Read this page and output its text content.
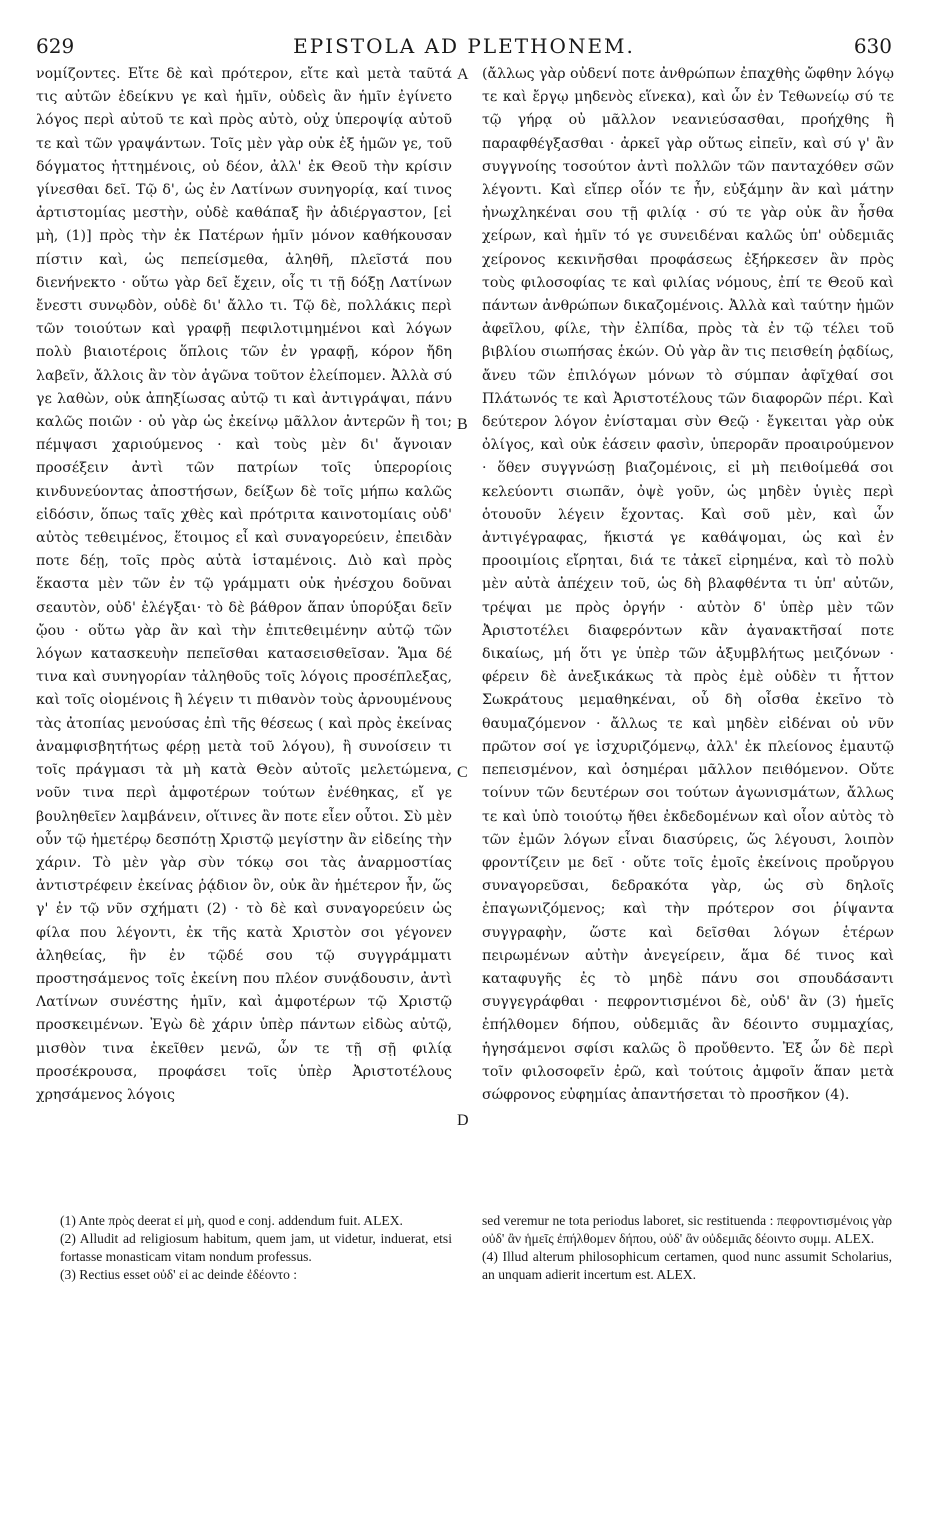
629	EPISTOLA AD PLETHONEM.	630

νομίζοντες. Εἴτε δὲ καὶ πρότερον, εἴτε καὶ μετὰ ταῦτά τις αὐτῶν ἐδείκνυ γε καὶ ἡμῖν, οὐδεὶς ἂν ἡμῖν ἐγίνετο λόγος περὶ αὐτοῦ τε καὶ πρὸς αὐτὸ, οὐχ ὑπεροψίᾳ αὐτοῦ τε καὶ τῶν γραψάντων. Τοῖς μὲν γὰρ οὐκ ἐξ ἡμῶν γε, τοῦ δόγματος ἡττημένοις, οὐ δέον, ἀλλ' ἐκ Θεοῦ τὴν κρίσιν γίνεσθαι δεῖ. Τῷ δ', ὡς ἐν Λατίνων συνηγορίᾳ, καί τινος ἀρτιστομίας μεστὴν, οὐδὲ καθάπαξ ἣν ἀδιέργαστον, [εἰ μὴ, (1)] πρὸς τὴν ἐκ Πατέρων ἡμῖν μόνον καθήκουσαν πίστιν καὶ, ὡς πεπείσμεθα, ἀληθῆ, πλεῖστά που διενήνεκτο · οὕτω γὰρ δεῖ ἔχειν, οἷς τι τῇ δόξῃ Λατίνων ἔνεστι συνῳδὸν, οὐδὲ δι' ἄλλο τι. Τῷ δὲ, πολλάκις περὶ τῶν τοιούτων καὶ γραφῇ πεφιλοτιμημένοι καὶ λόγων πολὺ βιαιοτέροις ὅπλοις τῶν ἐν γραφῇ, κόρον ἤδη λαβεῖν, ἄλλοις ἂν τὸν ἀγῶνα τοῦτον ἐλείπομεν. Ἀλλὰ σύ γε λαθὼν, οὐκ ἀπηξίωσας αὐτῷ τι καὶ ἀντιγράψαι, πάνυ καλῶς ποιῶν · οὐ γὰρ ὡς ἐκείνῳ μᾶλλον ἀντερῶν ἢ τοι; πέμψασι χαριούμενος · καὶ τοὺς μὲν δι' ἄγνοιαν προσέξειν ἀντὶ τῶν πατρίων τοῖς ὑπερορίοις κινδυνεύοντας ἀποστήσων, δείξων δὲ τοῖς μήπω καλῶς εἰδόσιν, ὅπως ταῖς χθὲς καὶ πρότριτα καινοτομίαις οὐδ' αὐτὸς τεθειμένος, ἕτοιμος εἶ καὶ συναγορεύειν, ἐπειδὰν ποτε δέῃ, τοῖς πρὸς αὐτὰ ἱσταμένοις. Διὸ καὶ πρὸς ἕκαστα μὲν τῶν ἐν τῷ γράμματι οὐκ ἠνέσχου δοῦναι σεαυτὸν, οὐδ' ἐλέγξαι· τὸ δὲ βάθρον ἅπαν ὑπορύξαι δεῖν ᾤου · οὕτω γὰρ ἂν καὶ τὴν ἐπιτεθειμένην αὐτῷ τῶν λόγων κατασκευὴν πεπεῖσθαι κατασεισθεῖσαν. Ἅμα δέ τινα καὶ συνηγορίαν τἀληθοῦς τοῖς λόγοις προσέπλεξας, καὶ τοῖς οἰομένοις ἢ λέγειν τι πιθανὸν τοὺς ἀρνουμένους τὰς ἀτοπίας μενούσας ἐπὶ τῆς θέσεως ( καὶ πρὸς ἐκείνας ἀναμφισβητήτως φέρῃ μετὰ τοῦ λόγου), ἢ συνοίσειν τι τοῖς πράγμασι τὰ μὴ κατὰ Θεὸν αὐτοῖς μελετώμενα, νοῦν τινα περὶ ἀμφοτέρων τούτων ἐνέθηκας, εἴ γε βουληθεῖεν λαμβάνειν, οἵτινες ἂν ποτε εἶεν οὗτοι. Σὺ μὲν οὖν τῷ ἡμετέρῳ δεσπότῃ Χριστῷ μεγίστην ἂν εἰδείης τὴν χάριν. Τὸ μὲν γὰρ σὺν τόκῳ σοι τὰς ἀναρμοστίας ἀντιστρέφειν ἐκείνας ῥᾴδιον ὂν, οὐκ ἂν ἡμέτερον ἦν, ὥς γ' ἐν τῷ νῦν σχήματι (2) · τὸ δὲ καὶ συναγορεύειν ὡς φίλα που λέγοντι, ἐκ τῆς κατὰ Χριστὸν σοι γέγονεν ἀληθείας, ἣν ἐν τῷδέ σου τῷ συγγράμματι προστησάμενος τοῖς ἐκείνη που πλέον συνᾴδουσιν, ἀντὶ Λατίνων συνέστης ἡμῖν, καὶ ἀμφοτέρων τῷ Χριστῷ προσκειμένων. Ἐγὼ δὲ χάριν ὑπὲρ πάντων εἰδὼς αὐτῷ, μισθὸν τινα ἐκεῖθεν μενῶ, ὧν τε τῇ σῇ φιλίᾳ προσέκρουσα, προφάσει τοῖς ὑπὲρ Ἀριστοτέλους χρησάμενος λόγοις

(ἄλλως γὰρ οὐδενί ποτε ἀνθρώπων ἐπαχθὴς ὤφθην λόγῳ τε καὶ ἔργῳ μηδενὸς εἵνεκα), καὶ ὧν ἐν Τεθωνείῳ σύ τε τῷ γήρᾳ οὐ μᾶλλον νεανιεύσασθαι, προήχθης ἢ παραφθέγξασθαι · ἀρκεῖ γὰρ οὕτως εἰπεῖν, καὶ σύ γ' ἂν συγγνοίης τοσούτον ἀντὶ πολλῶν τῶν πανταχόθεν σῶν λέγοντι. Καὶ εἴπερ οἷόν τε ἦν, εὐξάμην ἂν καὶ μάτην ἠνωχληκέναι σου τῇ φιλίᾳ · σύ τε γὰρ οὐκ ἂν ἦσθα χείρων, καὶ ἡμῖν τό γε συνειδέναι καλῶς ὑπ' οὐδεμιᾶς χείρονος κεκινῆσθαι προφάσεως ἐξήρκεσεν ἂν πρὸς τοὺς φιλοσοφίας τε καὶ φιλίας νόμους, ἐπί τε Θεοῦ καὶ πάντων ἀνθρώπων δικαζομένοις. Ἀλλὰ καὶ ταύτην ἡμῶν ἀφεῖλου, φίλε, τὴν ἐλπίδα, πρὸς τὰ ἐν τῷ τέλει τοῦ βιβλίου σιωπήσας ἑκών. Οὐ γὰρ ἂν τις πεισθείη ῥᾳδίως, ἄνευ τῶν ἐπιλόγων μόνων τὸ σύμπαν ἀφῖχθαί σοι Πλάτωνός τε καὶ Ἀριστοτέλους τῶν διαφορῶν πέρι. Καὶ δεύτερον λόγον ἐνίσταμαι σὺν Θεῷ · ἔγκειται γὰρ οὐκ ὀλίγος, καὶ οὐκ ἐάσειν φασὶν, ὑπερορᾶν προαιρούμενον · ὅθεν συγγνώσῃ βιαζομένοις, εἰ μὴ πειθοίμεθά σοι κελεύοντι σιωπᾶν, ὀψὲ γοῦν, ὡς μηδὲν ὑγιὲς περὶ ὁτουοῦν λέγειν ἔχοντας. Καὶ σοῦ μὲν, καὶ ὧν ἀντιγέγραφας, ἥκιστά γε καθάψομαι, ὡς καὶ ἐν προοιμίοις εἴρηται, διά τε τἀκεῖ εἰρημένα, καὶ τὸ πολὺ μὲν αὐτὰ ἀπέχειν τοῦ, ὡς δὴ βλαφθέντα τι ὑπ' αὐτῶν, τρέψαι με πρὸς ὀργήν · αὐτὸν δ' ὑπὲρ μὲν τῶν Ἀριστοτέλει διαφερόντων κἂν ἀγανακτῆσαί ποτε δικαίως, μή ὅτι γε ὑπὲρ τῶν ἀξυμβλήτως μειζόνων · φέρειν δὲ ἀνεξικάκως τὰ πρὸς ἐμὲ οὐδὲν τι ἧττον Σωκράτους μεμαθηκέναι, οὗ δὴ οἶσθα ἐκεῖνο τὸ θαυμαζόμενον · ἄλλως τε καὶ μηδὲν εἰδέναι οὐ νῦν πρῶτον σοί γε ἰσχυριζόμενῳ, ἀλλ' ἐκ πλείονος ἐμαυτῷ πεπεισμένον, καὶ ὁσημέραι μᾶλλον πειθόμενον. Οὔτε τοίνυν τῶν δευτέρων σοι τούτων ἀγωνισμάτων, ἄλλως τε καὶ ὑπὸ τοιούτῳ ἤθει ἐκδεδομένων καὶ οἷον αὐτὸς τὸ τῶν ἐμῶν λόγων εἶναι διασύρεις, ὥς λέγουσι, λοιπὸν φροντίζειν με δεῖ · οὔτε τοῖς ἐμοῖς ἐκείνοις προὔργου συναγορεῦσαι, δεδρακότα γὰρ, ὡς σὺ δηλοῖς ἐπαγωνιζόμενος; καὶ τὴν πρότερον σοι ῥίψαντα συγγραφὴν, ὥστε καὶ δεῖσθαι λόγων ἑτέρων πειρωμένων αὐτὴν ἀνεγείρειν, ἅμα δέ τινος καὶ καταφυγῆς ἐς τὸ μηδὲ πάνυ σοι σπουδάσαντι συγγεγράφθαι · πεφροντισμένοι δὲ, οὐδ' ἂν (3) ἡμεῖς ἐπήλθομεν δήπου, οὐδεμιᾶς ἂν δέοιντο συμμαχίας, ἡγησάμενοι σφίσι καλῶς ὃ προὔθεντο. Ἐξ ὧν δὲ περὶ τοῖν φιλοσοφεῖν ἐρῶ, καὶ τούτοις ἀμφοῖν ἅπαν μετὰ σώφρονος εὐφημίας ἀπαντήσεται τὸ προσῆκον (4).

A
B
C
D

(1) Ante πρὸς deerat εἰ μὴ, quod e conj. addendum fuit. ALEX.

(2) Alludit ad religiosum habitum, quem jam, ut videtur, induerat, etsi fortasse monasticam vitam nondum professus.

(3) Rectius esset οὐδ' εἰ ac deinde ἐδέοντο :

sed veremur ne tota periodus laboret, sic restituenda : πεφροντισμένοις γὰρ οὐδ' ἂν ἡμεῖς ἐπήλθομεν δήπου, οὐδ' ἂν οὐδεμιᾶς δέοιντο συμμ. ALEX.

(4) Illud alterum philosophicum certamen, quod nunc assumit Scholarius, an unquam adierit incertum est. ALEX.
